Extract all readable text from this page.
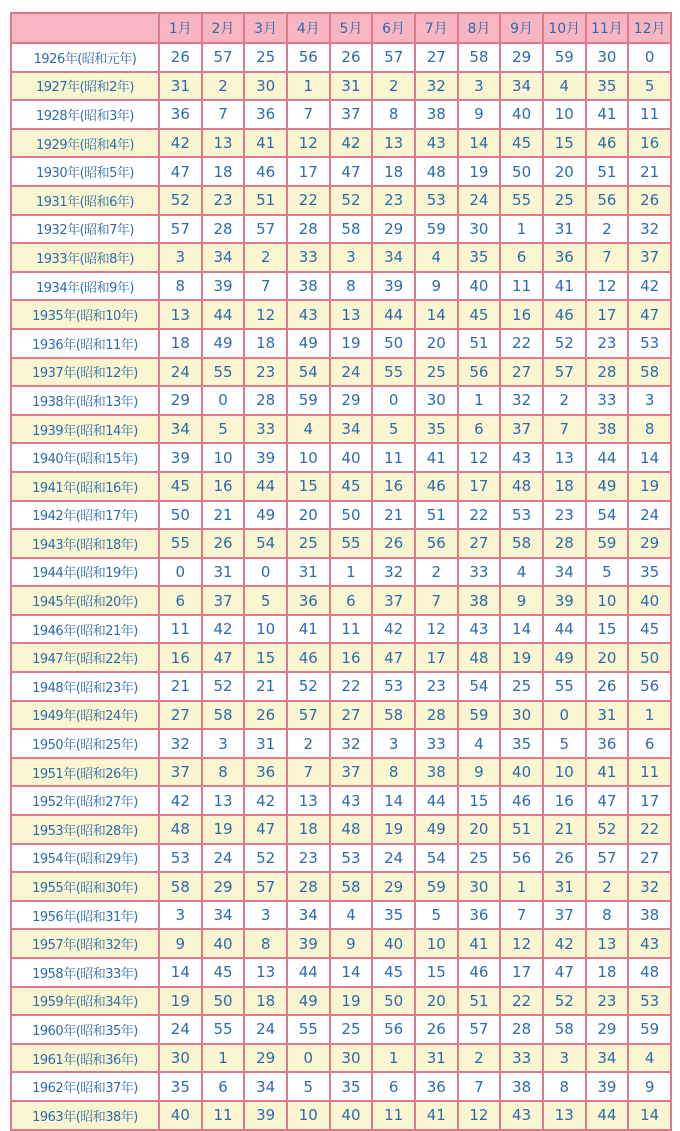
	1月	2月	3月	4月	5月	6月	7月	8月	9月	10月	11月	12月
1926年(昭和元年)	26	57	25	56	26	57	27	58	29	59	30	0
1927年(昭和2年)	31	2	30	1	31	2	32	3	34	4	35	5
1928年(昭和3年)	36	7	36	7	37	8	38	9	40	10	41	11
1929年(昭和4年)	42	13	41	12	42	13	43	14	45	15	46	16
1930年(昭和5年)	47	18	46	17	47	18	48	19	50	20	51	21
1931年(昭和6年)	52	23	51	22	52	23	53	24	55	25	56	26
1932年(昭和7年)	57	28	57	28	58	29	59	30	1	31	2	32
1933年(昭和8年)	3	34	2	33	3	34	4	35	6	36	7	37
1934年(昭和9年)	8	39	7	38	8	39	9	40	11	41	12	42
1935年(昭和10年)	13	44	12	43	13	44	14	45	16	46	17	47
1936年(昭和11年)	18	49	18	49	19	50	20	51	22	52	23	53
1937年(昭和12年)	24	55	23	54	24	55	25	56	27	57	28	58
1938年(昭和13年)	29	0	28	59	29	0	30	1	32	2	33	3
1939年(昭和14年)	34	5	33	4	34	5	35	6	37	7	38	8
1940年(昭和15年)	39	10	39	10	40	11	41	12	43	13	44	14
1941年(昭和16年)	45	16	44	15	45	16	46	17	48	18	49	19
1942年(昭和17年)	50	21	49	20	50	21	51	22	53	23	54	24
1943年(昭和18年)	55	26	54	25	55	26	56	27	58	28	59	29
1944年(昭和19年)	0	31	0	31	1	32	2	33	4	34	5	35
1945年(昭和20年)	6	37	5	36	6	37	7	38	9	39	10	40
1946年(昭和21年)	11	42	10	41	11	42	12	43	14	44	15	45
1947年(昭和22年)	16	47	15	46	16	47	17	48	19	49	20	50
1948年(昭和23年)	21	52	21	52	22	53	23	54	25	55	26	56
1949年(昭和24年)	27	58	26	57	27	58	28	59	30	0	31	1
1950年(昭和25年)	32	3	31	2	32	3	33	4	35	5	36	6
1951年(昭和26年)	37	8	36	7	37	8	38	9	40	10	41	11
1952年(昭和27年)	42	13	42	13	43	14	44	15	46	16	47	17
1953年(昭和28年)	48	19	47	18	48	19	49	20	51	21	52	22
1954年(昭和29年)	53	24	52	23	53	24	54	25	56	26	57	27
1955年(昭和30年)	58	29	57	28	58	29	59	30	1	31	2	32
1956年(昭和31年)	3	34	3	34	4	35	5	36	7	37	8	38
1957年(昭和32年)	9	40	8	39	9	40	10	41	12	42	13	43
1958年(昭和33年)	14	45	13	44	14	45	15	46	17	47	18	48
1959年(昭和34年)	19	50	18	49	19	50	20	51	22	52	23	53
1960年(昭和35年)	24	55	24	55	25	56	26	57	28	58	29	59
1961年(昭和36年)	30	1	29	0	30	1	31	2	33	3	34	4
1962年(昭和37年)	35	6	34	5	35	6	36	7	38	8	39	9
1963年(昭和38年)	40	11	39	10	40	11	41	12	43	13	44	14
